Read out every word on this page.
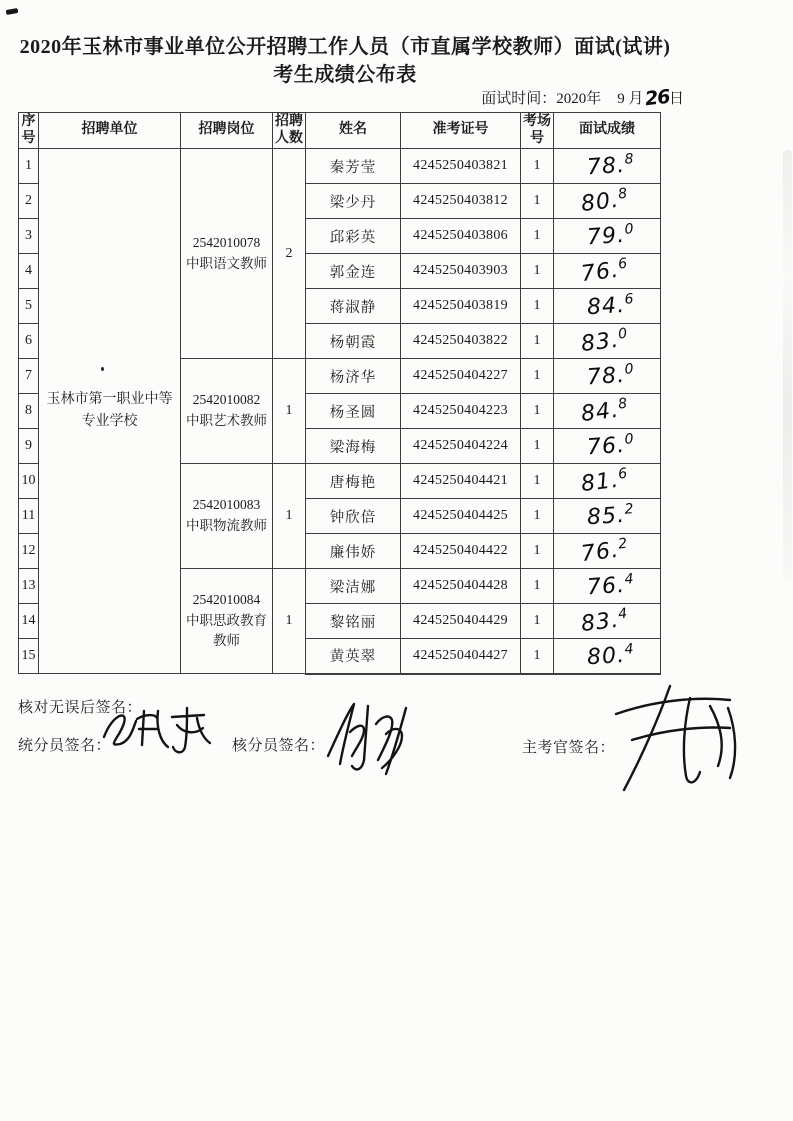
2020年玉林市事业单位公开招聘工作人员（市直属学校教师）面试(试讲)
考生成绩公布表
面试时间：2020年 9 月26日
序号	招聘单位	招聘岗位	招聘人数	姓名	准考证号	考场号	面试成绩
1	玉林市第一职业中等专业学校	2542010078
中职语文教师	2	秦芳莹	4245250403821	1	78.$^8$
2				梁少丹	4245250403812	1	80.$^8$
3				邱彩英	4245250403806	1	79.$^0$
4				郭金连	4245250403903	1	76.$^6$
5				蒋淑静	4245250403819	1	84.$^6$
6				杨朝霞	4245250403822	1	83.$^0$
7		2542010082
中职艺术教师	1	杨济华	4245250404227	1	78.$^0$
8				杨圣圆	4245250404223	1	84.$^8$
9				梁海梅	4245250404224	1	76.$^0$
10		2542010083
中职物流教师	1	唐梅艳	4245250404421	1	81.$^6$
11				钟欣倍	4245250404425	1	85.$^2$
12				廉伟娇	4245250404422	1	76.$^2$
13		2542010084
中职思政教育教师	1	梁洁娜	4245250404428	1	76.$^4$
14				黎铭丽	4245250404429	1	83.$^4$
15				黄英翠	4245250404427	1	80.$^4$
核对无误后签名：
统分员签名：	核分员签名：	主考官签名：
